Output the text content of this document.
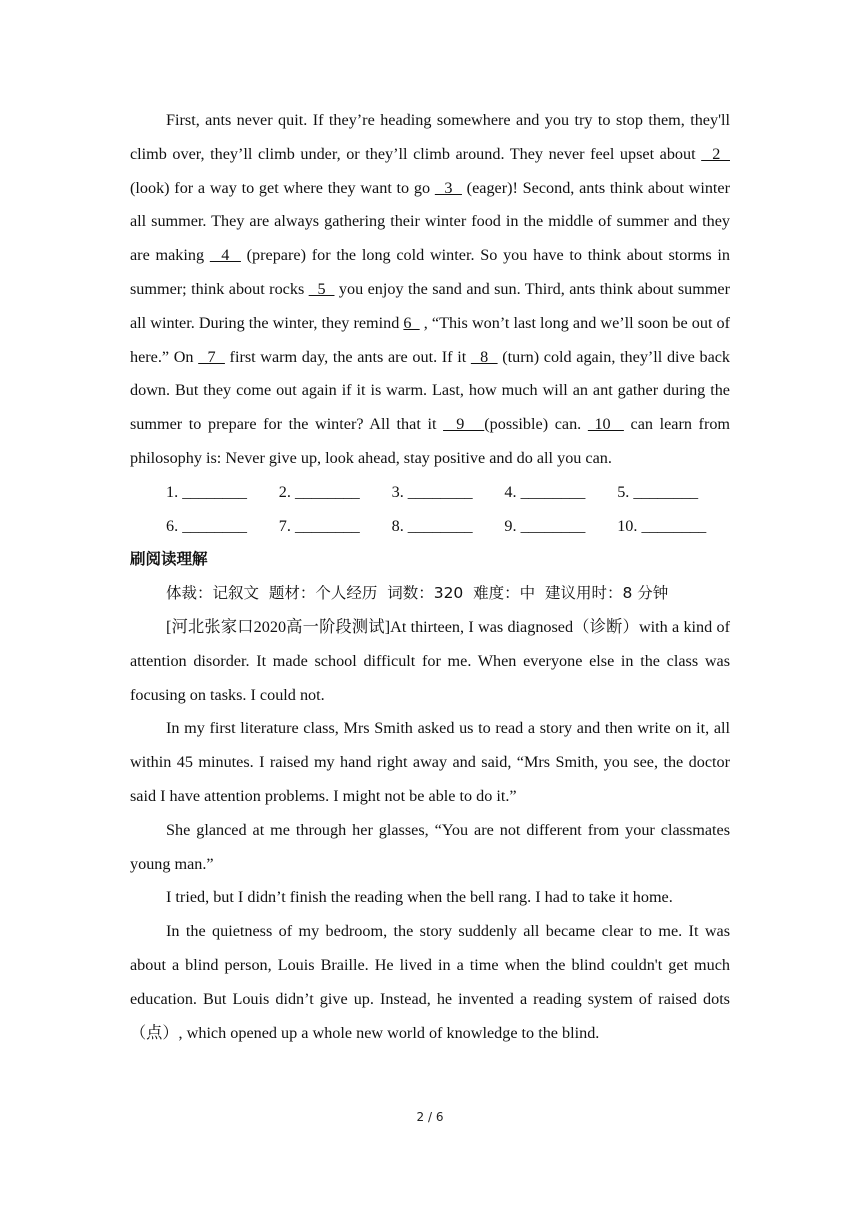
First, ants never quit. If they’re heading somewhere and you try to stop them, they'll climb over, they’ll climb under, or they’ll climb around. They never feel upset about   2   (look) for a way to get where they want to go   3   (eager)! Second, ants think about winter all summer. They are always gathering their winter food in the middle of summer and they are making   4   (prepare) for the long cold winter. So you have to think about storms in summer; think about rocks   5   you enjoy the sand and sun. Third, ants think about summer all winter. During the winter, they remind 6   , “This won’t last long and we’ll soon be out of here.” On   7   first warm day, the ants are out. If it   8   (turn) cold again, they’ll dive back down. But they come out again if it is warm. Last, how much will an ant gather during the summer to prepare for the winter? All that it   9   (possible) can.  10   can learn from philosophy is: Never give up, look ahead, stay positive and do all you can.

1. ________	2. ________	3. ________	4. ________	5. ________
6. ________	7. ________	8. ________	9. ________	10. ________

刷阅读理解

体裁：记叙文  题材：个人经历  词数：320  难度：中  建议用时：8 分钟

[河北张家口2020高一阶段测试]At thirteen, I was diagnosed（诊断）with a kind of attention disorder. It made school difficult for me. When everyone else in the class was focusing on tasks. I could not.

In my first literature class, Mrs Smith asked us to read a story and then write on it, all within 45 minutes. I raised my hand right away and said, “Mrs Smith, you see, the doctor said I have attention problems. I might not be able to do it.”

She glanced at me through her glasses, “You are not different from your classmates young man.”

I tried, but I didn’t finish the reading when the bell rang. I had to take it home.

In the quietness of my bedroom, the story suddenly all became clear to me. It was about a blind person, Louis Braille. He lived in a time when the blind couldn't get much education. But Louis didn’t give up. Instead, he invented a reading system of raised dots（点）, which opened up a whole new world of knowledge to the blind.

2 / 6
